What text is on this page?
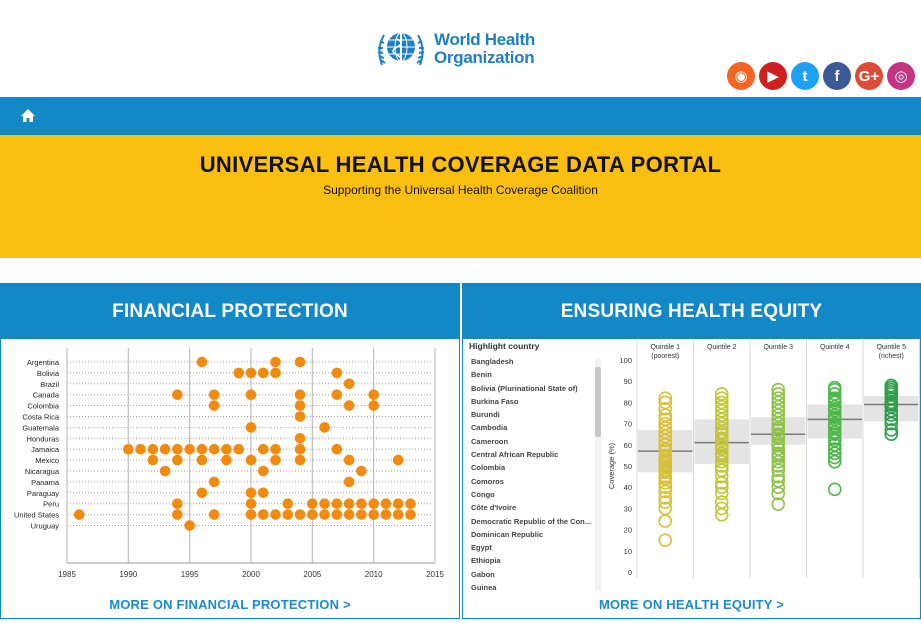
World Health
Organization
◉	▶	t	f	G+	◎
UNIVERSAL HEALTH COVERAGE DATA PORTAL
Supporting the Universal Health Coverage Coalition
FINANCIAL PROTECTION
1985	1990	1995	2000	2005	2010	2015
Argentina
Bolivia
Brazil
Canada
Colombia
Costa Rica
Guatemala
Honduras
Jamaica
Mexico
Nicaragua
Panama
Paraguay
Peru
United States
Uruguay
MORE ON FINANCIAL PROTECTION >
ENSURING HEALTH EQUITY
Highlight country
Bangladesh
Benin
Bolivia (Plurinational State of)
Burkina Faso
Burundi
Cambodia
Cameroon
Central African Republic
Colombia
Comoros
Congo
Côte d'Ivoire
Democratic Republic of the Con...
Dominican Republic
Egypt
Ethiopia
Gabon
Guinea
0
10
20
30
40
50
60
70
80
90
100
Coverage (%)
Quintile 1
(poorest)
Quintile 2	Quintile 3	Quintile 4	Quintile 5
(richest)
MORE ON HEALTH EQUITY >
